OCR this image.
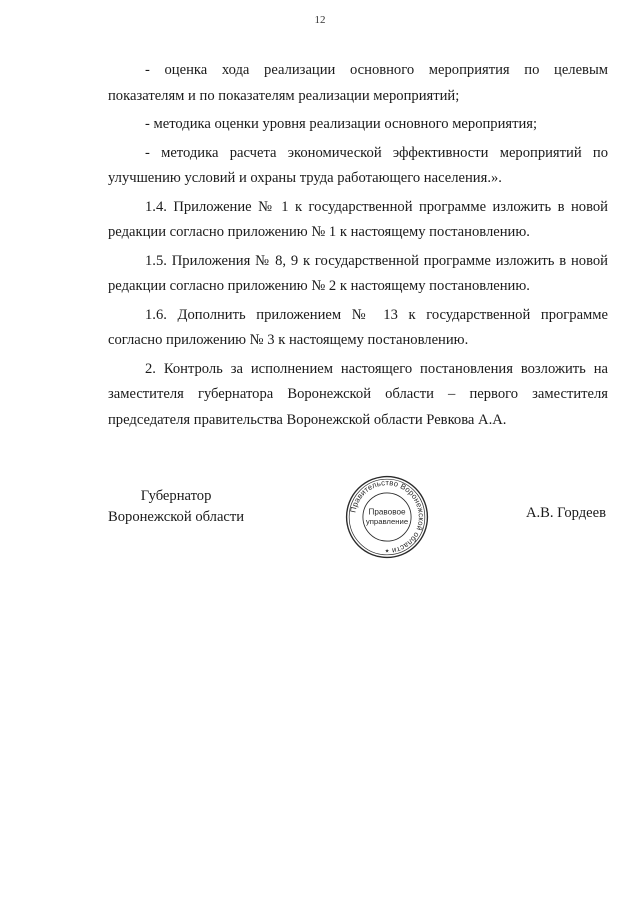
12

- оценка хода реализации основного мероприятия по целевым показателям и по показателям реализации мероприятий;

- методика оценки уровня реализации основного мероприятия;

- методика расчета экономической эффективности мероприятий по улучшению условий и охраны труда работающего населения.».

1.4. Приложение № 1 к государственной программе изложить в новой редакции согласно приложению № 1 к настоящему постановлению.

1.5. Приложения № 8, 9 к государственной программе изложить в новой редакции согласно приложению № 2 к настоящему постановлению.

1.6. Дополнить приложением № 13 к государственной программе согласно приложению № 3 к настоящему постановлению.

2. Контроль за исполнением настоящего постановления возложить на заместителя губернатора Воронежской области – первого заместителя председателя правительства Воронежской области Ревкова А.А.

Губернатор
Воронежской области	Правительство Воронежской области
Правовое
управление
★
А.В. Гордеев
